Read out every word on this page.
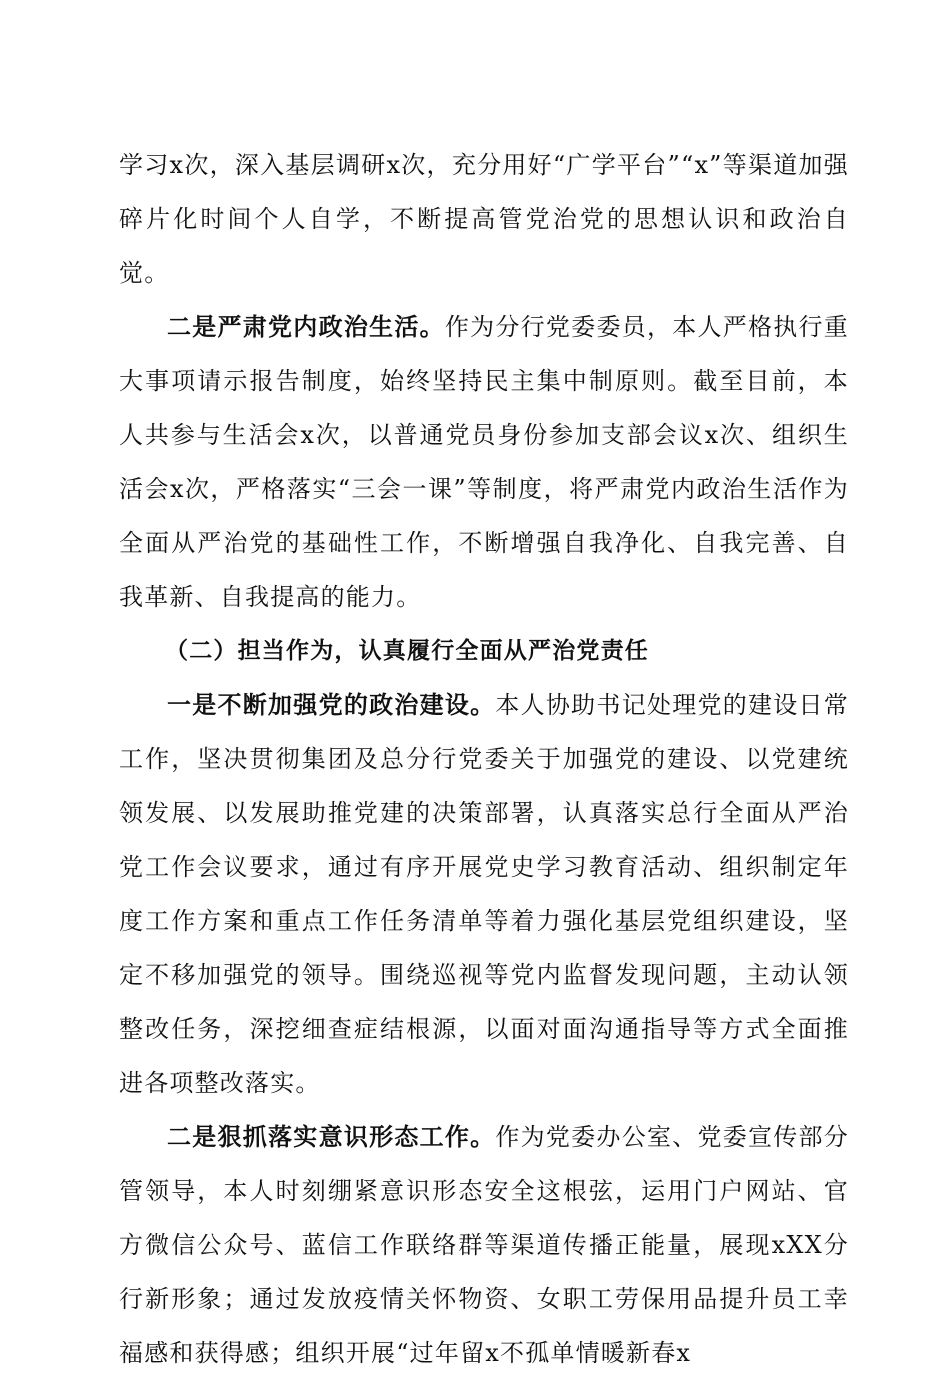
学习x次，深入基层调研x次，充分用好“广学平台”“x”等渠道加强碎片化时间个人自学，不断提高管党治党的思想认识和政治自觉。

二是严肃党内政治生活。作为分行党委委员，本人严格执行重大事项请示报告制度，始终坚持民主集中制原则。截至目前，本人共参与生活会x次，以普通党员身份参加支部会议x次、组织生活会x次，严格落实“三会一课”等制度，将严肃党内政治生活作为全面从严治党的基础性工作，不断增强自我净化、自我完善、自我革新、自我提高的能力。

（二）担当作为，认真履行全面从严治党责任

一是不断加强党的政治建设。本人协助书记处理党的建设日常工作，坚决贯彻集团及总分行党委关于加强党的建设、以党建统领发展、以发展助推党建的决策部署，认真落实总行全面从严治党工作会议要求，通过有序开展党史学习教育活动、组织制定年度工作方案和重点工作任务清单等着力强化基层党组织建设，坚定不移加强党的领导。围绕巡视等党内监督发现问题，主动认领整改任务，深挖细查症结根源，以面对面沟通指导等方式全面推进各项整改落实。

二是狠抓落实意识形态工作。作为党委办公室、党委宣传部分管领导，本人时刻绷紧意识形态安全这根弦，运用门户网站、官方微信公众号、蓝信工作联络群等渠道传播正能量，展现xXX分行新形象；通过发放疫情关怀物资、女职工劳保用品提升员工幸福感和获得感；组织开展“过年留x不孤单情暖新春x
